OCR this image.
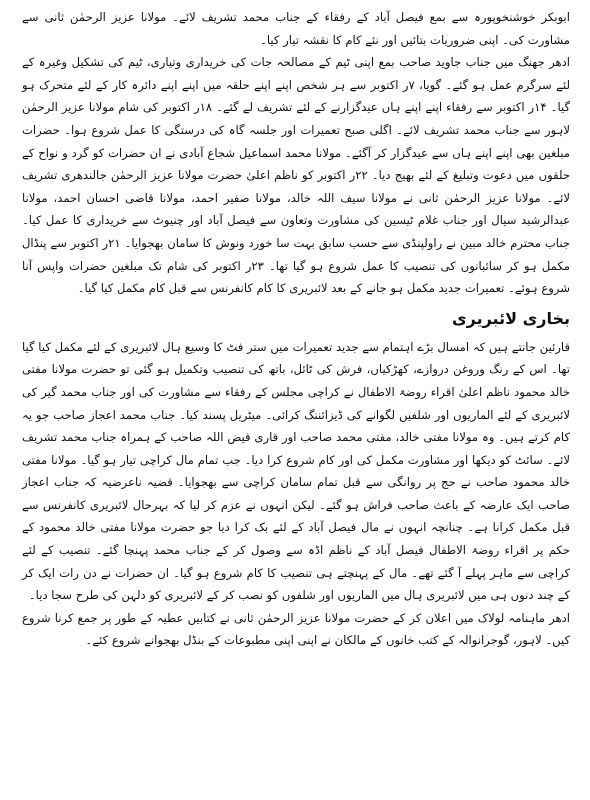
ابوبکر خوشنخوپورہ سے بمع فیصل آباد کے رفقاء کے جناب محمد تشریف لائے۔ مولانا عزیز الرحمٰن ثانی سے مشاورت کی۔ اپنی ضروریات بتائیں اور نئے کام کا نقشہ تیار کیا۔

ادھر جھنگ میں جناب جاوید صاحب بمع اپنی ٹیم کے مصالحہ جات کی خریداری وتیاری، ٹیم کی تشکیل وغیرہ کے لئے سرگرم عمل ہو گئے۔ گویا، ۷ر اکتوبر سے ہر شخص اپنے اپنے حلقہ میں اپنے اپنے دائرہ کار کے لئے متحرک ہو گیا۔ ۱۴ر اکتوبر سے رفقاء اپنے اپنے ہاں عیدگزارنے کے لئے تشریف لے گئے۔ ۱۸ر اکتوبر کی شام مولانا عزیز الرحمٰن لاہور سے جناب محمد تشریف لائے۔ اگلی صبح تعمیرات اور جلسہ گاہ کی درستگی کا عمل شروع ہوا۔ حضرات مبلغین بھی اپنے اپنے ہاں سے عیدگزار کر آگئے۔ مولانا محمد اسماعیل شجاع آبادی نے ان حضرات کو گرد و نواح کے حلقوں میں دعوت وتبلیغ کے لئے بھیج دیا۔ ۲۲ر اکتوبر کو ناظم اعلیٰ حضرت مولانا عزیز الرحمٰن جالندھری تشریف لائے۔ مولانا عزیز الرحمٰن ثانی نے مولانا سیف اللہ خالد، مولانا صفیر احمد، مولانا قاضی احسان احمد، مولانا عبدالرشید سیال اور جناب غلام ٹیسین کی مشاورت وتعاون سے فیصل آباد اور چنیوٹ سے خریداری کا عمل کیا۔ جناب محترم خالد مبین نے راولپنڈی سے حسب سابق بہت سا خورد ونوش کا سامان بھجوایا۔ ۲۱ر اکتوبر سے پنڈال مکمل ہو کر سائبانوں کی تنصیب کا عمل شروع ہو گیا تھا۔ ۲۳ر اکتوبر کی شام تک مبلغین حضرات واپس آنا شروع ہوئے۔ تعمیرات جدید مکمل ہو جانے کے بعد لائبریری کا کام کانفرنس سے قبل کام مکمل کیا گیا۔

بخاری لائبریری

قارئین جانتے ہیں کہ امسال بڑے اہتمام سے جدید تعمیرات میں ستر فٹ کا وسیع ہال لائبریری کے لئے مکمل کیا گیا تھا۔ اس کے رنگ وروغن دروازے، کھڑکیاں، فرش کی ٹائل، باتھ کی تنصیب وتکمیل ہو گئی تو حضرت مولانا مفتی خالد محمود ناظم اعلیٰ اقراء روضۃ الاطفال نے کراچی مجلس کے رفقاء سے مشاورت کی اور جناب محمد گیر کی لائبریری کے لئے الماریوں اور شلفیں لگوانے کی ڈیزائننگ کرائی۔ میٹریل پسند کیا۔ جناب محمد اعجاز صاحب جو یہ کام کرتے ہیں۔ وہ مولانا مفتی خالد، مفتی محمد صاحب اور قاری فیض اللہ صاحب کے ہمراہ جناب محمد تشریف لائے۔ سائٹ کو دیکھا اور مشاورت مکمل کی اور کام شروع کرا دیا۔ جب تمام مال کراچی تیار ہو گیا۔ مولانا مفتی خالد محمود صاحب نے حج پر روانگی سے قبل تمام سامان کراچی سے بھجوایا۔ قضیہ ناعرضیہ کہ جناب اعجاز صاحب ایک عارضہ کے باعث صاحب فراش ہو گئے۔ لیکن انہوں نے عزم کر لیا کہ بہرحال لائبریری کانفرنس سے قبل مکمل کرانا ہے۔ چنانچہ انہوں نے مال فیصل آباد کے لئے بک کرا دیا جو حضرت مولانا مفتی خالد محمود کے حکم پر اقراء روضۃ الاطفال فیصل آباد کے ناظم اڈہ سے وصول کر کے جناب محمد پہنچا گئے۔ تنصیب کے لئے کراچی سے ماہر پہلے آ گئے تھے۔ مال کے پہنچتے ہی تنصیب کا کام شروع ہو گیا۔ ان حضرات نے دن رات ایک کر کے چند دنوں ہی میں لائبریری ہال میں الماریوں اور شلفوں کو نصب کر کے لائبریری کو دلہن کی طرح سجا دیا۔

ادھر ماہنامہ لولاک میں اعلان کر کے حضرت مولانا عزیز الرحمٰن ثانی نے کتابیں عطیہ کے طور پر جمع کرنا شروع کیں۔ لاہور، گوجرانوالہ کے کتب خانوں کے مالکان نے اپنی اپنی مطبوعات کے بنڈل بھجوانے شروع کئے۔
